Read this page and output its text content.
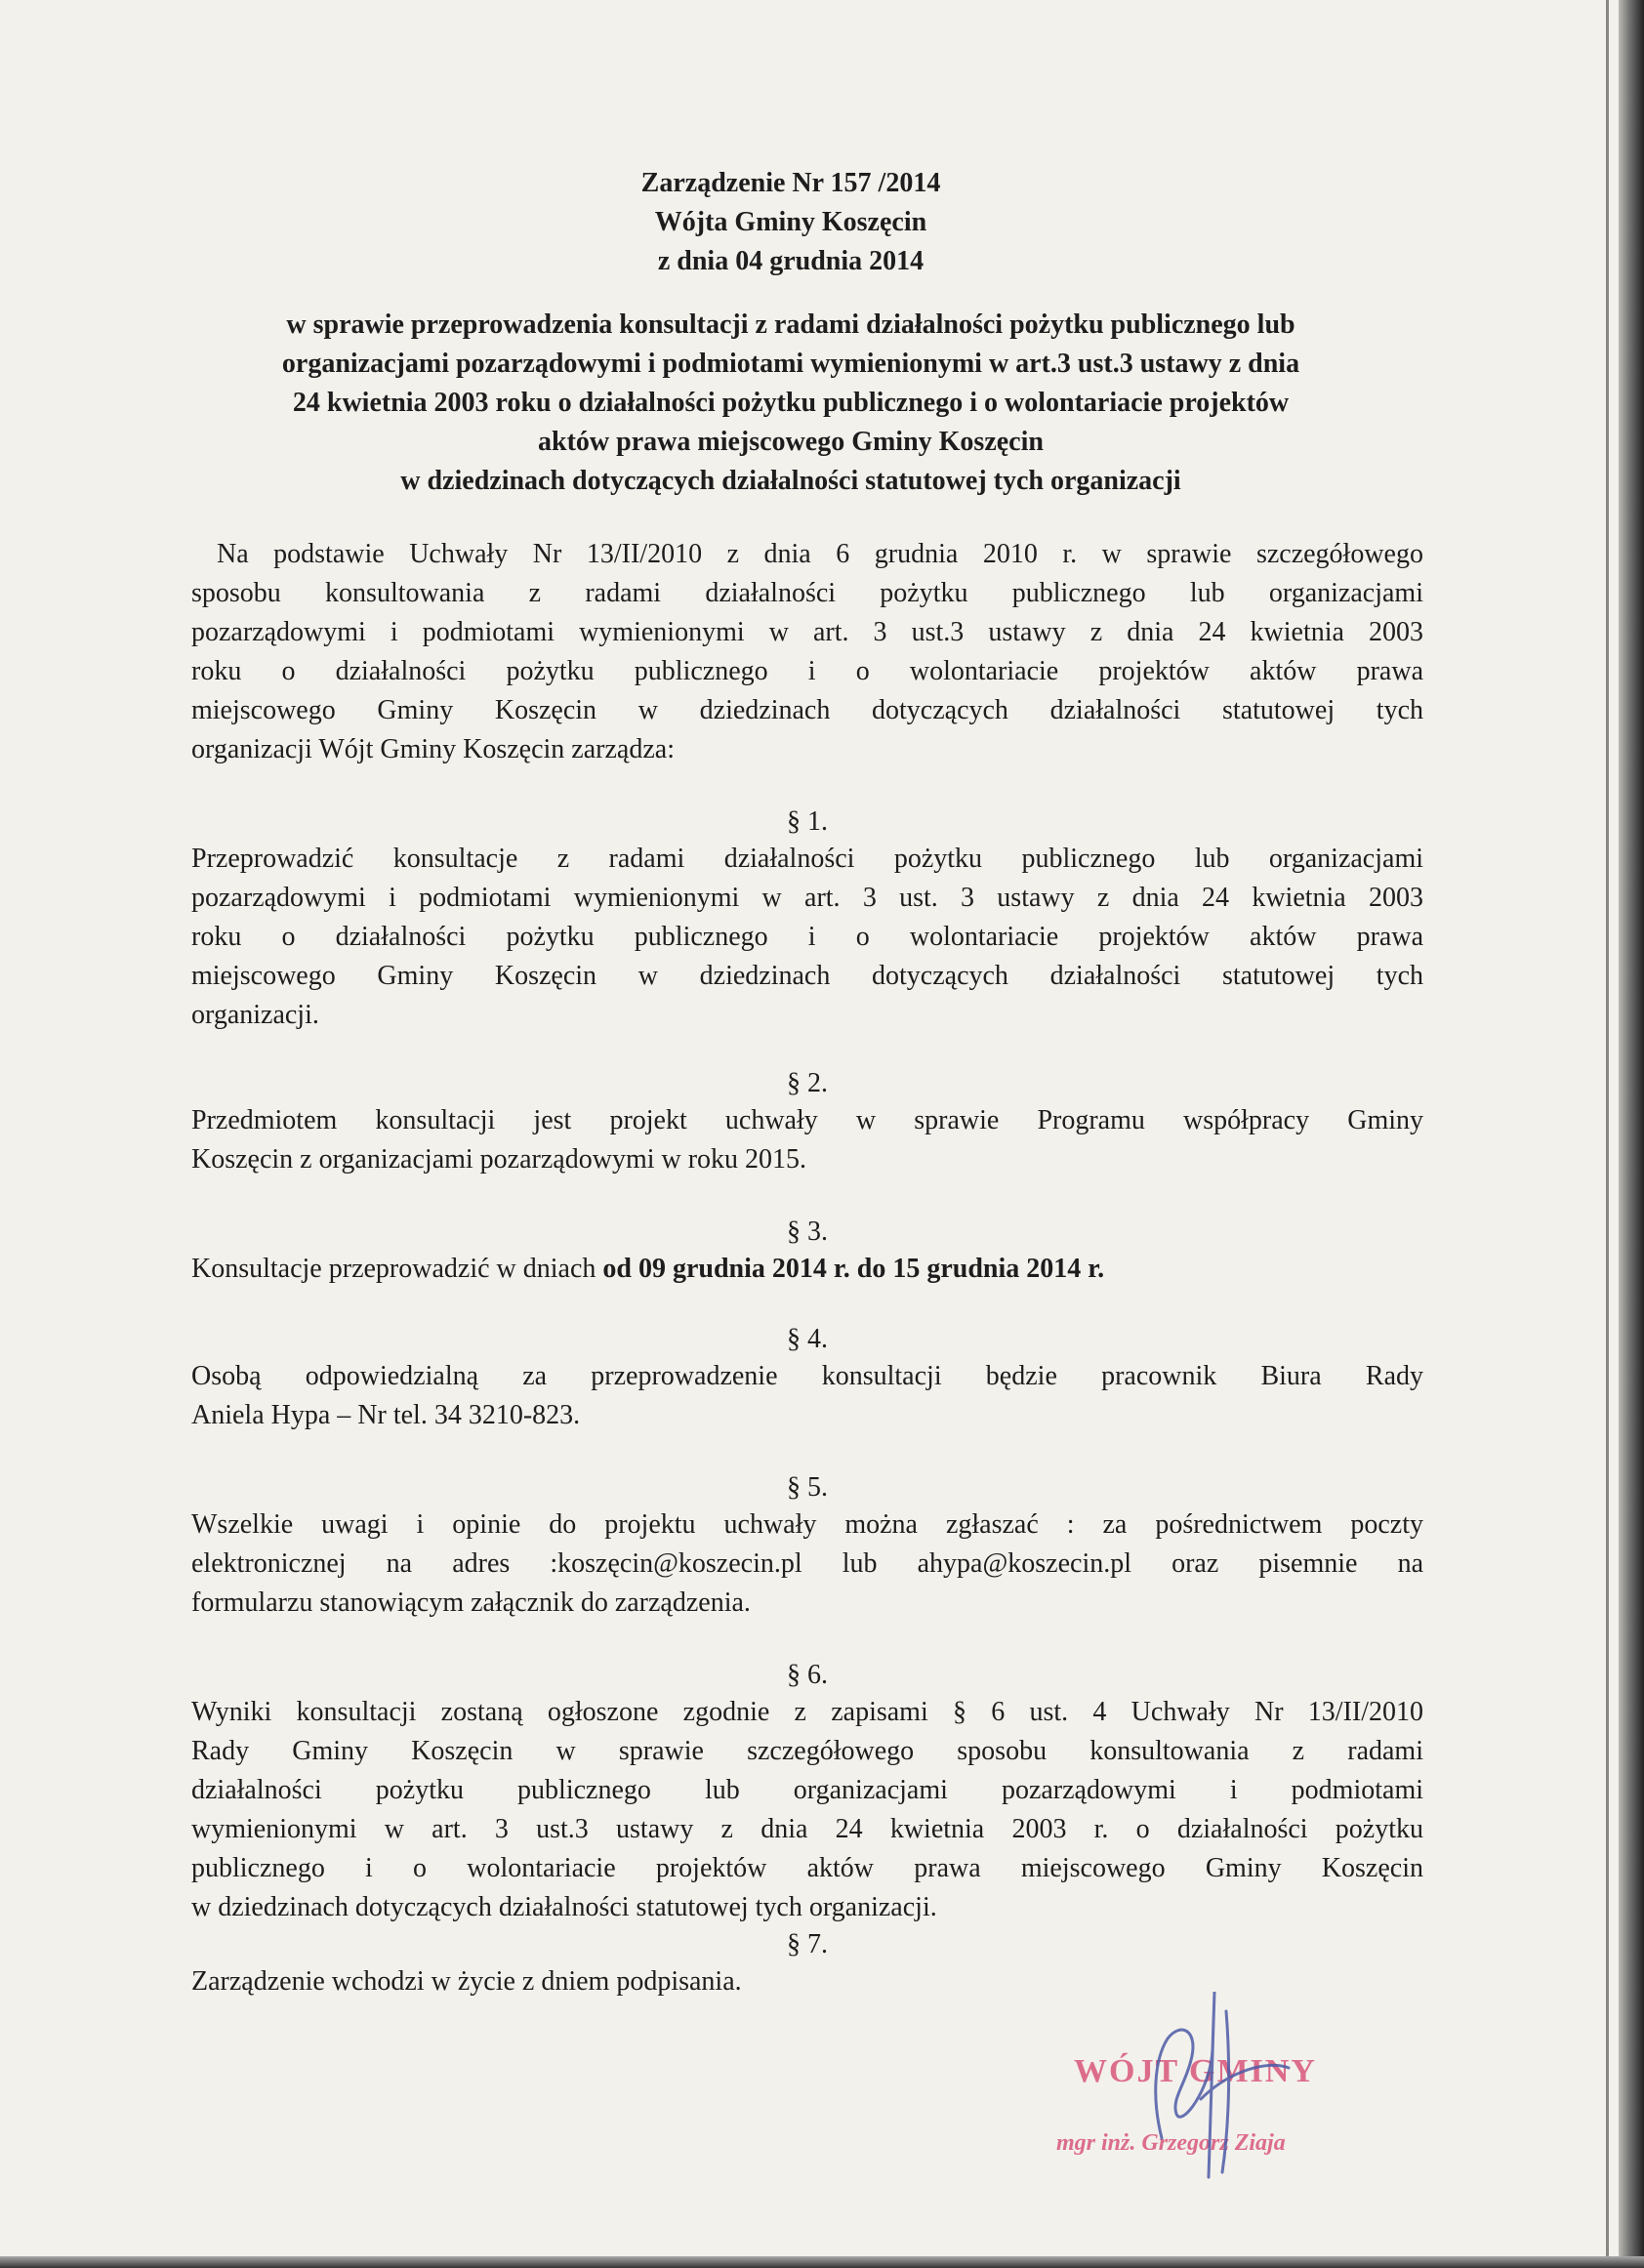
Zarządzenie Nr 157 /2014
Wójta Gminy Koszęcin
z dnia 04 grudnia 2014
w sprawie przeprowadzenia konsultacji z radami działalności pożytku publicznego lub
organizacjami pozarządowymi i podmiotami wymienionymi w art.3 ust.3 ustawy z dnia
24 kwietnia 2003 roku o działalności pożytku publicznego i o wolontariacie projektów
aktów prawa miejscowego Gminy Koszęcin
w dziedzinach dotyczących działalności statutowej tych organizacji
Na podstawie Uchwały Nr 13/II/2010 z dnia 6 grudnia 2010 r. w sprawie szczegółowego
sposobu konsultowania z radami działalności pożytku publicznego lub organizacjami
pozarządowymi i podmiotami wymienionymi w art. 3 ust.3 ustawy z dnia 24 kwietnia 2003
roku o działalności pożytku publicznego i o wolontariacie projektów aktów prawa
miejscowego Gminy Koszęcin w dziedzinach dotyczących działalności statutowej tych
organizacji Wójt Gminy Koszęcin zarządza:
§ 1.
Przeprowadzić konsultacje z radami działalności pożytku publicznego lub organizacjami
pozarządowymi i podmiotami wymienionymi w art. 3 ust. 3 ustawy z dnia 24 kwietnia 2003
roku o działalności pożytku publicznego i o wolontariacie projektów aktów prawa
miejscowego Gminy Koszęcin w dziedzinach dotyczących działalności statutowej tych
organizacji.
§ 2.
Przedmiotem konsultacji jest projekt uchwały w sprawie Programu współpracy Gminy
Koszęcin z organizacjami pozarządowymi w roku 2015.
§ 3.
Konsultacje przeprowadzić w dniach od 09 grudnia 2014 r. do 15 grudnia 2014 r.
§ 4.
Osobą odpowiedzialną za przeprowadzenie konsultacji będzie pracownik Biura Rady
Aniela Hypa – Nr tel. 34 3210-823.
§ 5.
Wszelkie uwagi i opinie do projektu uchwały można zgłaszać : za pośrednictwem poczty
elektronicznej na adres :koszęcin@koszecin.pl lub ahypa@koszecin.pl oraz pisemnie na
formularzu stanowiącym załącznik do zarządzenia.
§ 6.
Wyniki konsultacji zostaną ogłoszone zgodnie z zapisami § 6 ust. 4 Uchwały Nr 13/II/2010
Rady Gminy Koszęcin w sprawie szczegółowego sposobu konsultowania z radami
działalności pożytku publicznego lub organizacjami pozarządowymi i podmiotami
wymienionymi w art. 3 ust.3 ustawy z dnia 24 kwietnia 2003 r. o działalności pożytku
publicznego i o wolontariacie projektów aktów prawa miejscowego Gminy Koszęcin
w dziedzinach dotyczących działalności statutowej tych organizacji.
§ 7.
Zarządzenie wchodzi w życie z dniem podpisania.
WÓJT GMINY
mgr inż. Grzegorz Ziaja
